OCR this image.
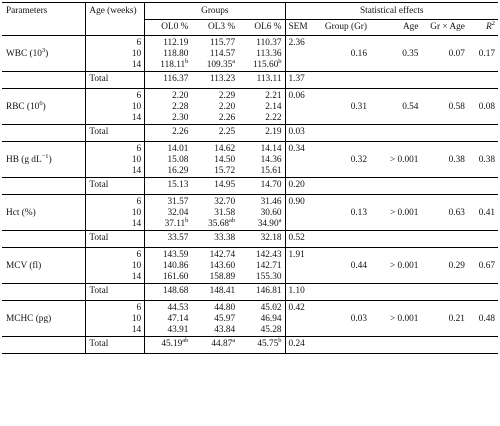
Parameters	Age (weeks)	Groups			Statistical effects				
		OL0 %	OL3 %	OL6 %	SEM	Group (Gr)	Age	Gr × Age	$R^2$
	6	112.19	115.77	110.37	2.36				
WBC $(10^3)$	10	118.80	114.57	113.36		0.16	0.35	0.07	0.17
	14	118.11$^b$	109.35$^a$	115.60$^b$					
	Total	116.37	113.23	113.11	1.37				
	6	2.20	2.29	2.21	0.06				
RBC $(10^6)$	10	2.28	2.20	2.14		0.31	0.54	0.58	0.08
	14	2.30	2.26	2.22					
	Total	2.26	2.25	2.19	0.03				
	6	14.01	14.62	14.14	0.34				
HB (g $dL^{-1}$)	10	15.08	14.50	14.36		0.32	> 0.001	0.38	0.38
	14	16.29	15.72	15.61					
	Total	15.13	14.95	14.70	0.20				
	6	31.57	32.70	31.46	0.90				
Hct (%)	10	32.04	31.58	30.60		0.13	> 0.001	0.63	0.41
	14	37.11$^b$	35.68$^{ab}$	34.90$^a$					
	Total	33.57	33.38	32.18	0.52				
	6	143.59	142.74	142.43	1.91				
MCV (fl)	10	140.86	143.60	142.71		0.44	> 0.001	0.29	0.67
	14	161.60	158.89	155.30					
	Total	148.68	148.41	146.81	1.10				
	6	44.53	44.80	45.02	0.42				
MCHC (pg)	10	47.14	45.97	46.94		0.03	> 0.001	0.21	0.48
	14	43.91	43.84	45.28					
	Total	45.19$^{ab}$	44.87$^a$	45.75$^b$	0.24				
